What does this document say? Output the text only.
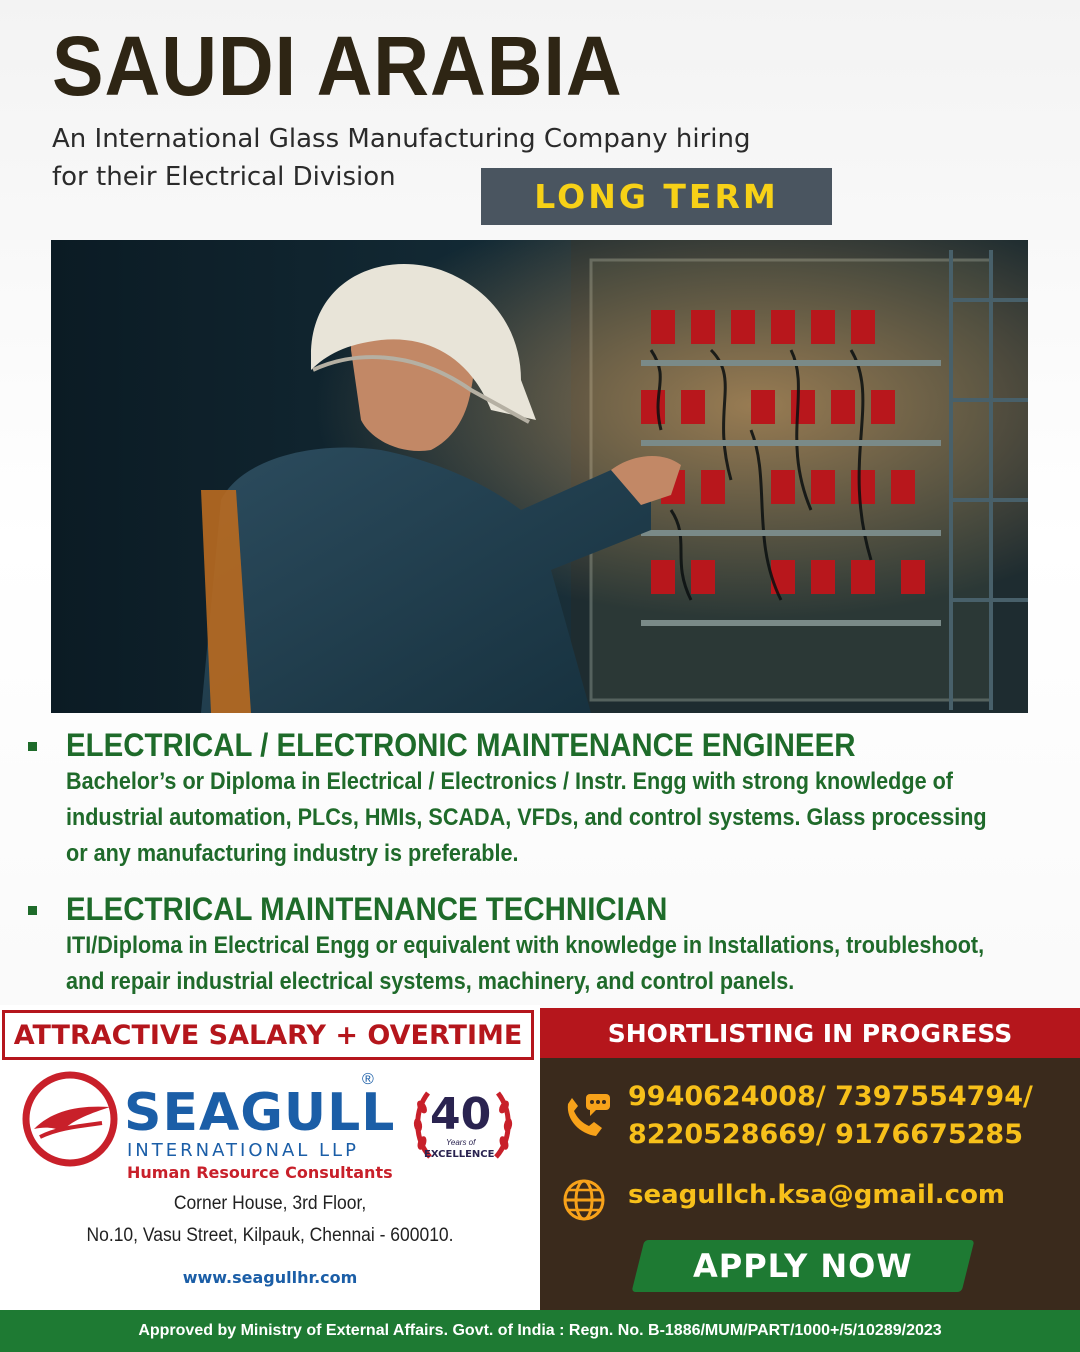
SAUDI ARABIA
An International Glass Manufacturing Company hiring
for their Electrical Division	LONG TERM
ELECTRICAL / ELECTRONIC MAINTENANCE ENGINEER
Bachelor’s or Diploma in Electrical / Electronics / Instr. Engg with strong knowledge of industrial automation, PLCs, HMIs, SCADA, VFDs, and control systems. Glass processing or any manufacturing industry is preferable.
ELECTRICAL MAINTENANCE TECHNICIAN
ITI/Diploma in Electrical Engg or equivalent with knowledge in Installations, troubleshoot, and repair industrial electrical systems, machinery, and control panels.
ATTRACTIVE SALARY + OVERTIME
SEAGULL
®
INTERNATIONAL LLP
Human Resource Consultants
40
Years of
EXCELLENCE
Corner House, 3rd Floor,
No.10, Vasu Street, Kilpauk, Chennai - 600010.
www.seagullhr.com
SHORTLISTING IN PROGRESS
9940624008/ 7397554794/
8220528669/ 9176675285
seagullch.ksa@gmail.com
APPLY NOW
Approved by Ministry of External Affairs. Govt. of India : Regn. No. B-1886/MUM/PART/1000+/5/10289/2023
